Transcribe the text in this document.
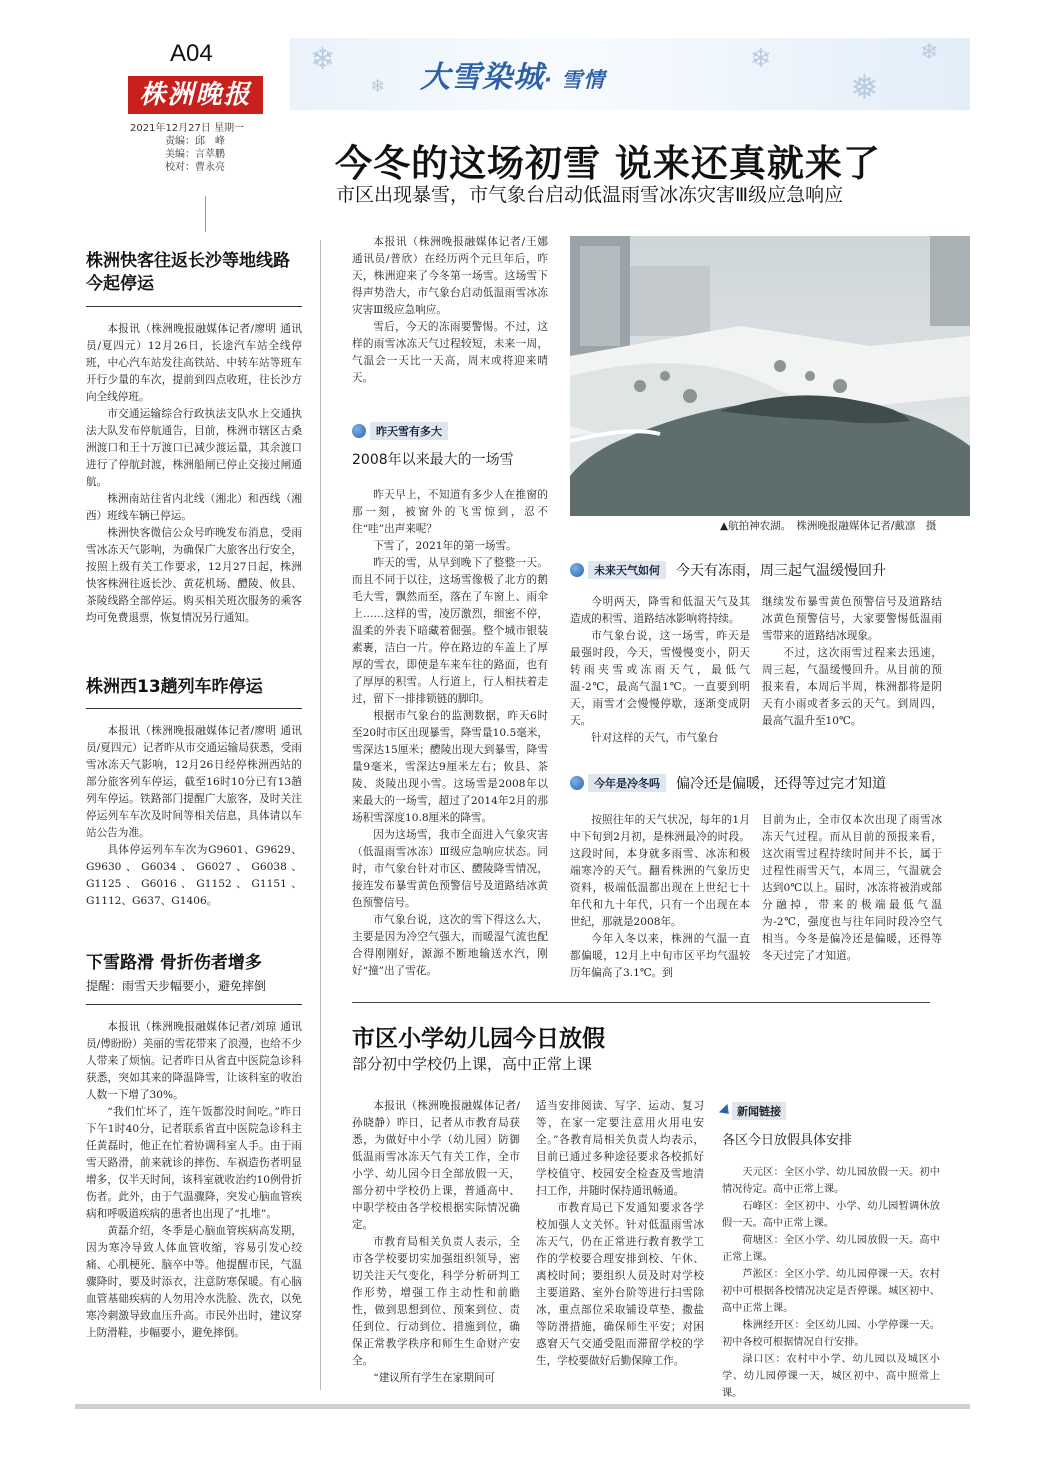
A04
株洲晚报
2021年12月27日 星期一
责编：邱　峰
美编：言萃鹏
校对：曹永亮
❄
❄
❄
❅
❄
大雪染城· 雪情
今冬的这场初雪 说来还真就来了
市区出现暴雪，市气象台启动低温雨雪冰冻灾害Ⅲ级应急响应
株洲快客往返长沙等地线路今起停运

本报讯（株洲晚报融媒体记者/廖明 通讯员/夏四元）12月26日，长途汽车站全线停班，中心汽车站发往高铁站、中转车站等班车开行少量的车次，提前到四点收班，往长沙方向全线停班。

市交通运输综合行政执法支队水上交通执法大队发布停航通告，目前，株洲市辖区古桑洲渡口和王十万渡口已减少渡运量，其余渡口进行了停航封渡，株洲船闸已停止交接过闸通航。

株洲南站往省内北线（湘北）和西线（湘西）班线车辆已停运。

株洲快客微信公众号昨晚发布消息，受雨雪冰冻天气影响，为确保广大旅客出行安全，按照上级有关工作要求，12月27日起，株洲快客株洲往返长沙、黄花机场、醴陵、攸县、茶陵线路全部停运。购买相关班次服务的乘客均可免费退票，恢复情况另行通知。

株洲西13趟列车昨停运

本报讯（株洲晚报融媒体记者/廖明 通讯员/夏四元）记者昨从市交通运输局获悉，受雨雪冰冻天气影响，12月26日经停株洲西站的部分旅客列车停运，截至16时10分已有13趟列车停运。铁路部门提醒广大旅客，及时关注停运列车车次及时间等相关信息，具体请以车站公告为准。

具体停运列车车次为G9601、G9629、G9630、G6034、G6027、G6038、G1125、G6016、G1152、G1151、G1112、G637、G1406。

下雪路滑 骨折伤者增多
提醒：雨雪天步幅要小，避免摔倒

本报讯（株洲晚报融媒体记者/刘琼 通讯员/傅盼盼）美丽的雪花带来了浪漫，也给不少人带来了烦恼。记者昨日从省直中医院急诊科获悉，突如其来的降温降雪，让该科室的收治人数一下增了30%。

“我们忙坏了，连午饭都没时间吃。”昨日下午1时40分，记者联系省直中医院急诊科主任黄磊时，他正在忙着协调科室人手。由于雨雪天路滑，前来就诊的摔伤、车祸造伤者明显增多，仅半天时间，该科室就收治约10例骨折伤者。此外，由于气温骤降，突发心脑血管疾病和呼吸道疾病的患者也出现了“扎堆”。

黄磊介绍，冬季是心脑血管疾病高发期，因为寒冷导致人体血管收缩，容易引发心绞痛、心肌梗死、脑卒中等。他提醒市民，气温骤降时，要及时添衣，注意防寒保暖。有心脑血管基础疾病的人勿用冷水洗脸、洗衣，以免寒冷刺激导致血压升高。市民外出时，建议穿上防滑鞋，步幅要小，避免摔倒。

本报讯（株洲晚报融媒体记者/王娜 通讯员/普欣）在经历两个元旦年后，昨天，株洲迎来了今冬第一场雪。这场雪下得声势浩大，市气象台启动低温雨雪冰冻灾害Ⅲ级应急响应。

雪后，今天的冻雨要警惕。不过，这样的雨雪冰冻天气过程较短，未来一周，气温会一天比一天高，周末或将迎来晴天。

昨天雪有多大
2008年以来最大的一场雪

昨天早上，不知道有多少人在推窗的那一刻，被窗外的飞雪惊到，忍不住“哇”出声来呢？

下雪了，2021年的第一场雪。

昨天的雪，从早到晚下了整整一天。而且不同于以往，这场雪像极了北方的鹅毛大雪，飘然而至，落在了车窗上、雨伞上……这样的雪，凌厉激烈，细密不停，温柔的外表下暗藏着倔强。整个城市银装素裹，洁白一片。停在路边的车盖上了厚厚的雪衣，即使是车来车往的路面，也有了厚厚的积雪。人行道上，行人相扶着走过，留下一排排锁链的脚印。

根据市气象台的监测数据，昨天6时至20时市区出现暴雪，降雪量10.5毫米，雪深达15厘米；醴陵出现大到暴雪，降雪量9毫米，雪深达9厘米左右；攸县、茶陵、炎陵出现小雪。这场雪是2008年以来最大的一场雪，超过了2014年2月的那场积雪深度10.8厘米的降雪。

因为这场雪，我市全面进入气象灾害（低温雨雪冰冻）Ⅲ级应急响应状态。同时，市气象台针对市区、醴陵降雪情况，接连发布暴雪黄色预警信号及道路结冰黄色预警信号。

市气象台说，这次的雪下得这么大，主要是因为冷空气强大，而暖湿气流也配合得刚刚好，源源不断地输送水汽，刚好“撞”出了雪花。

▲航拍神农湖。　株洲晚报融媒体记者/戴凛　摄
未来天气如何	今天有冻雨，周三起气温缓慢回升

今明两天，降雪和低温天气及其造成的积雪、道路结冰影响将持续。

市气象台说，这一场雪，昨天是最强时段，今天，雪慢慢变小，阴天转雨夹雪或冻雨天气，最低气温-2℃，最高气温1℃。一直要到明天，雨雪才会慢慢停歇，逐渐变成阴天。

针对这样的天气，市气象台

继续发布暴雪黄色预警信号及道路结冰黄色预警信号，大家要警惕低温雨雪带来的道路结冰现象。

不过，这次雨雪过程来去迅速，周三起，气温缓慢回升。从目前的预报来看，本周后半周，株洲都将是阴天有小雨或者多云的天气。到周四，最高气温升至10℃。

今年是冷冬吗	偏冷还是偏暖，还得等过完才知道

按照往年的天气状况，每年的1月中下旬到2月初，是株洲最冷的时段。这段时间，本身就多雨雪、冰冻和极端寒冷的天气。翻看株洲的气象历史资料，极端低温都出现在上世纪七十年代和九十年代，只有一个出现在本世纪，那就是2008年。

今年入冬以来，株洲的气温一直都偏暖，12月上中旬市区平均气温较历年偏高了3.1℃。到

目前为止，全市仅本次出现了雨雪冰冻天气过程。而从目前的预报来看，这次雨雪过程持续时间并不长，属于过程性雨雪天气，本周三，气温就会达到0℃以上。届时，冰冻将被消或部分融掉，带来的极端最低气温为-2℃，强度也与往年同时段冷空气相当。今冬是偏冷还是偏暖，还得等冬天过完了才知道。

市区小学幼儿园今日放假
部分初中学校仍上课，高中正常上课

本报讯（株洲晚报融媒体记者/孙晓静）昨日，记者从市教育局获悉，为做好中小学（幼儿园）防御低温雨雪冰冻天气有关工作，全市小学、幼儿园今日全部放假一天，部分初中学校仍上课，普通高中、中职学校由各学校根据实际情况确定。

市教育局相关负责人表示，全市各学校要切实加强组织领导，密切关注天气变化，科学分析研判工作形势，增强工作主动性和前瞻性，做到思想到位、预案到位、责任到位、行动到位、措施到位，确保正常教学秩序和师生生命财产安全。

“建议所有学生在家期间可

适当安排阅读、写字、运动、复习等，在家一定要注意用火用电安全。”各教育局相关负责人均表示，目前已通过多种途径要求各校抓好学校值守、校园安全检查及雪地清扫工作，并随时保持通讯畅通。

市教育局已下发通知要求各学校加强人文关怀。针对低温雨雪冰冻天气，仍在正常进行教育教学工作的学校要合理安排到校、午休、离校时间；要组织人员及时对学校主要道路、室外台阶等进行扫雪除冰，重点部位采取铺设草垫、撒盐等防滑措施，确保师生平安；对困惑窘天气交通受阻而滞留学校的学生，学校要做好后勤保障工作。

新闻链接
各区今日放假具体安排

天元区：全区小学、幼儿园放假一天。初中情况待定。高中正常上课。

石峰区：全区初中、小学、幼儿园暂调休放假一天。高中正常上课。

荷塘区：全区小学、幼儿园放假一天。高中正常上课。

芦淞区：全区小学、幼儿园停课一天。农村初中可根据各校情况决定是否停课。城区初中、高中正常上课。

株洲经开区：全区幼儿园、小学停课一天。初中各校可根据情况自行安排。

渌口区：农村中小学、幼儿园以及城区小学、幼儿园停课一天，城区初中、高中照常上课。
